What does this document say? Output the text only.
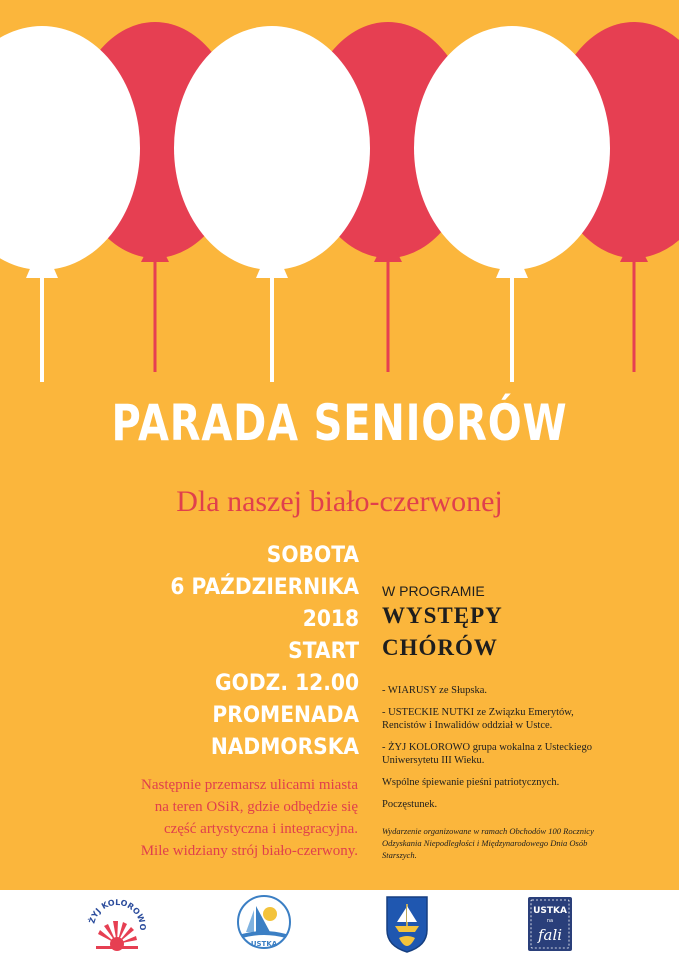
PARADA SENIORÓW
Dla naszej biało-czerwonej
SOBOTA
6 PAŹDZIERNIKA
2018
START
GODZ. 12.00
PROMENADA
NADMORSKA
Następnie przemarsz ulicami miasta
na teren OSiR, gdzie odbędzie się
część artystyczna i integracyjna.
Mile widziany strój biało-czerwony.
W PROGRAMIE
WYSTĘPY
CHÓRÓW

- WIARUSY ze Słupska.

- USTECKIE NUTKI ze Związku Emerytów,
Rencistów i Inwalidów oddział w Ustce.

- ŻYJ KOLOROWO grupa wokalna z Usteckiego
Uniwersytetu III Wieku.

Wspólne śpiewanie pieśni patriotycznych.

Poczęstunek.

Wydarzenie organizowane w ramach Obchodów 100 Rocznicy
Odzyskania Niepodległości i Międzynarodowego Dnia Osób
Starszych.
ŻYJ KOLOROWO
USTKA
USTKA
na
fali
